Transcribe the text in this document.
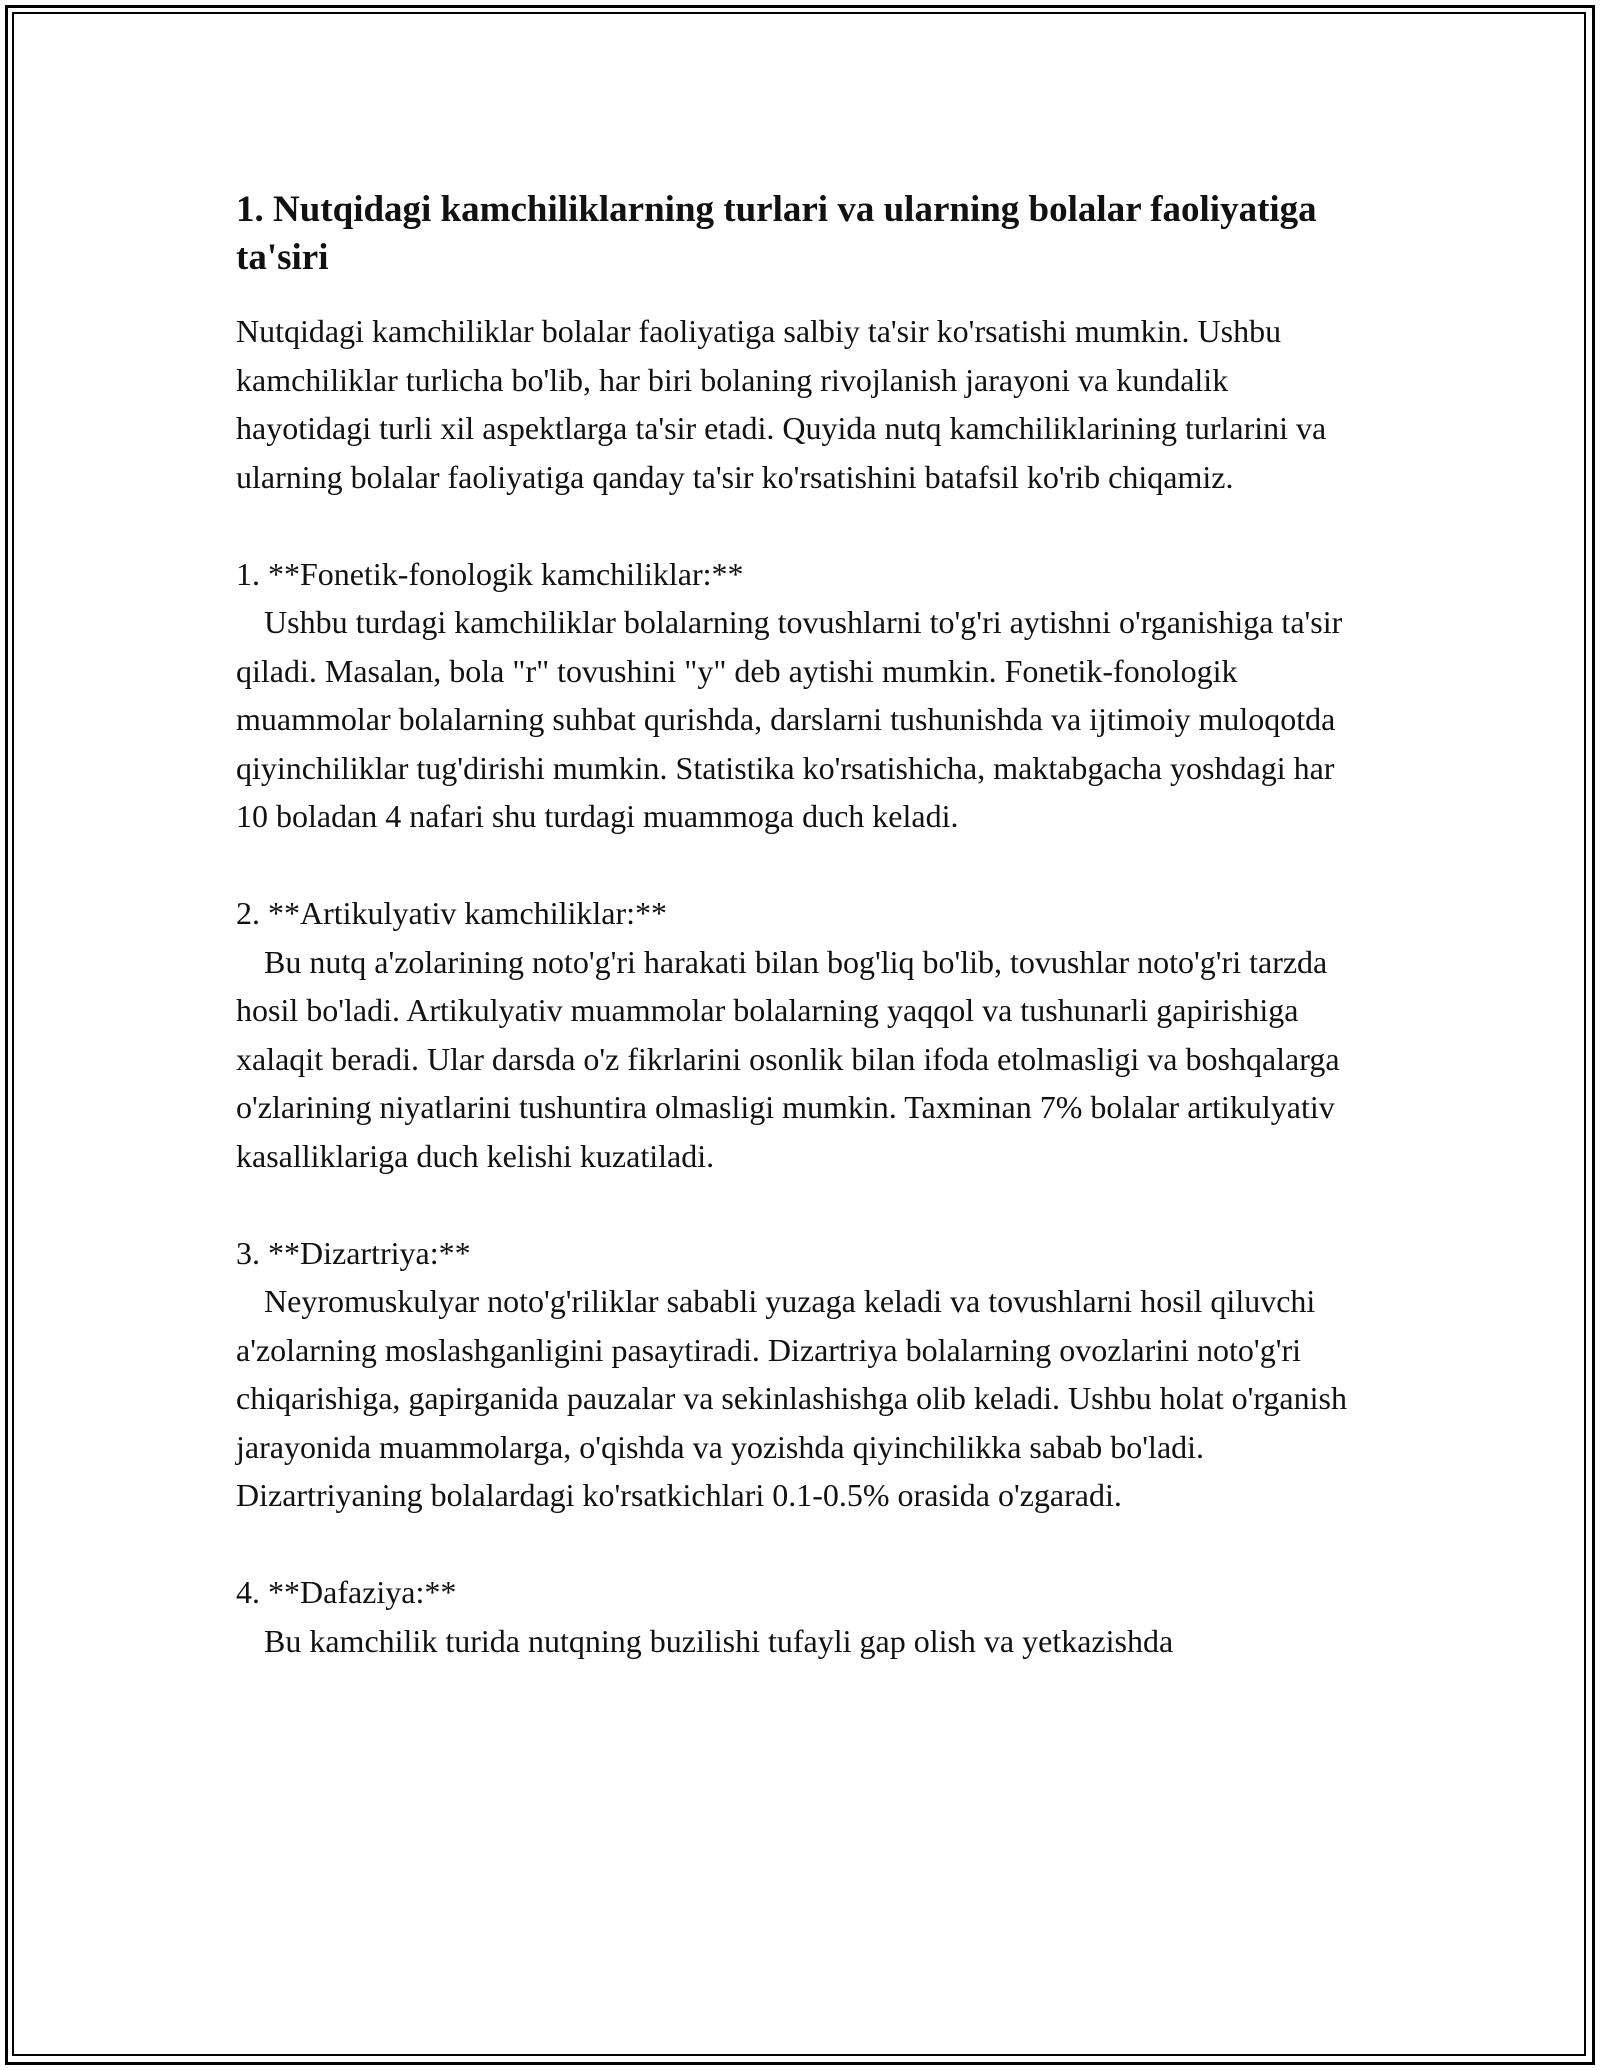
1. Nutqidagi kamchiliklarning turlari va ularning bolalar faoliyatiga ta'siri

Nutqidagi kamchiliklar bolalar faoliyatiga salbiy ta'sir ko'rsatishi mumkin. Ushbu kamchiliklar turlicha bo'lib, har biri bolaning rivojlanish jarayoni va kundalik hayotidagi turli xil aspektlarga ta'sir etadi. Quyida nutq kamchiliklarining turlarini va ularning bolalar faoliyatiga qanday ta'sir ko'rsatishini batafsil ko'rib chiqamiz.

1. **Fonetik-fonologik kamchiliklar:**

Ushbu turdagi kamchiliklar bolalarning tovushlarni to'g'ri aytishni o'rganishiga ta'sir qiladi. Masalan, bola "r" tovushini "y" deb aytishi mumkin. Fonetik-fonologik muammolar bolalarning suhbat qurishda, darslarni tushunishda va ijtimoiy muloqotda qiyinchiliklar tug'dirishi mumkin. Statistika ko'rsatishicha, maktabgacha yoshdagi har 10 boladan 4 nafari shu turdagi muammoga duch keladi.

2. **Artikulyativ kamchiliklar:**

Bu nutq a'zolarining noto'g'ri harakati bilan bog'liq bo'lib, tovushlar noto'g'ri tarzda hosil bo'ladi. Artikulyativ muammolar bolalarning yaqqol va tushunarli gapirishiga xalaqit beradi. Ular darsda o'z fikrlarini osonlik bilan ifoda etolmasligi va boshqalarga o'zlarining niyatlarini tushuntira olmasligi mumkin. Taxminan 7% bolalar artikulyativ kasalliklariga duch kelishi kuzatiladi.

3. **Dizartriya:**

Neyromuskulyar noto'g'riliklar sababli yuzaga keladi va tovushlarni hosil qiluvchi a'zolarning moslashganligini pasaytiradi. Dizartriya bolalarning ovozlarini noto'g'ri chiqarishiga, gapirganida pauzalar va sekinlashishga olib keladi. Ushbu holat o'rganish jarayonida muammolarga, o'qishda va yozishda qiyinchilikka sabab bo'ladi. Dizartriyaning bolalardagi ko'rsatkichlari 0.1-0.5% orasida o'zgaradi.

4. **Dafaziya:**

Bu kamchilik turida nutqning buzilishi tufayli gap olish va yetkazishda
